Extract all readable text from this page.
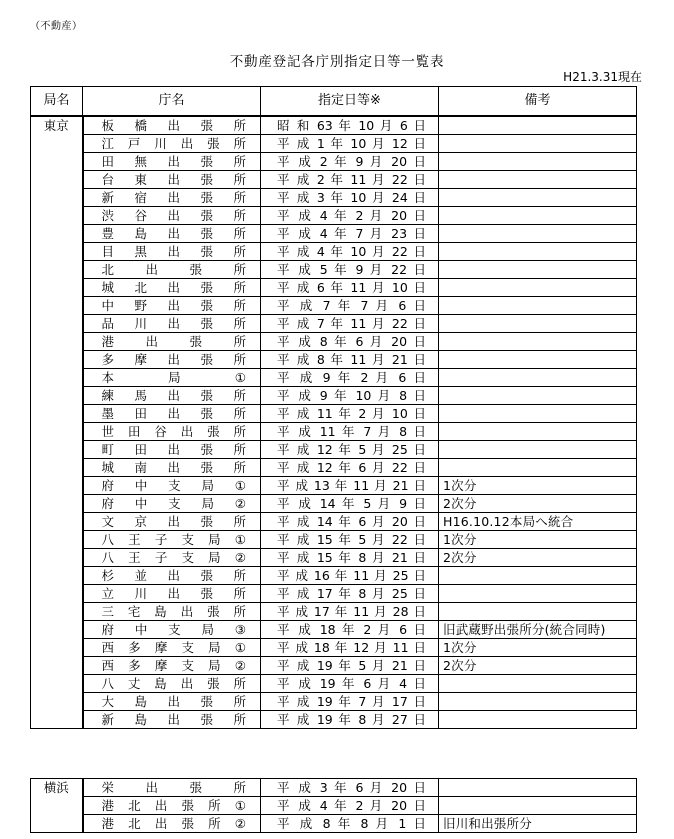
（不動産）
不動産登記各庁別指定日等一覧表
H21.3.31現在
局名	庁名	指定日等※	備考
東京	板 橋 出 張 所	昭 和 63 年 10 月 6 日	
	江 戸 川 出 張 所	平 成 1 年 10 月 12 日	
	田 無 出 張 所	平 成 2 年 9 月 20 日	
	台 東 出 張 所	平 成 2 年 11 月 22 日	
	新 宿 出 張 所	平 成 3 年 10 月 24 日	
	渋 谷 出 張 所	平 成 4 年 2 月 20 日	
	豊 島 出 張 所	平 成 4 年 7 月 23 日	
	目 黒 出 張 所	平 成 4 年 10 月 22 日	
	北 出 張 所	平 成 5 年 9 月 22 日	
	城 北 出 張 所	平 成 6 年 11 月 10 日	
	中 野 出 張 所	平 成 7 年 7 月 6 日	
	品 川 出 張 所	平 成 7 年 11 月 22 日	
	港 出 張 所	平 成 8 年 6 月 20 日	
	多 摩 出 張 所	平 成 8 年 11 月 21 日	
	本 局 ①	平 成 9 年 2 月 6 日	
	練 馬 出 張 所	平 成 9 年 10 月 8 日	
	墨 田 出 張 所	平 成 11 年 2 月 10 日	
	世 田 谷 出 張 所	平 成 11 年 7 月 8 日	
	町 田 出 張 所	平 成 12 年 5 月 25 日	
	城 南 出 張 所	平 成 12 年 6 月 22 日	
	府 中 支 局 ①	平 成 13 年 11 月 21 日	1次分
	府 中 支 局 ②	平 成 14 年 5 月 9 日	2次分
	文 京 出 張 所	平 成 14 年 6 月 20 日	H16.10.12本局へ統合
	八 王 子 支 局 ①	平 成 15 年 5 月 22 日	1次分
	八 王 子 支 局 ②	平 成 15 年 8 月 21 日	2次分
	杉 並 出 張 所	平 成 16 年 11 月 25 日	
	立 川 出 張 所	平 成 17 年 8 月 25 日	
	三 宅 島 出 張 所	平 成 17 年 11 月 28 日	
	府 中 支 局 ③	平 成 18 年 2 月 6 日	旧武蔵野出張所分(統合同時)
	西 多 摩 支 局 ①	平 成 18 年 12 月 11 日	1次分
	西 多 摩 支 局 ②	平 成 19 年 5 月 21 日	2次分
	八 丈 島 出 張 所	平 成 19 年 6 月 4 日	
	大 島 出 張 所	平 成 19 年 7 月 17 日	
	新 島 出 張 所	平 成 19 年 8 月 27 日	
横浜	栄 出 張 所	平 成 3 年 6 月 20 日	
	港 北 出 張 所 ①	平 成 4 年 2 月 20 日	
	港 北 出 張 所 ②	平 成 8 年 8 月 1 日	旧川和出張所分
